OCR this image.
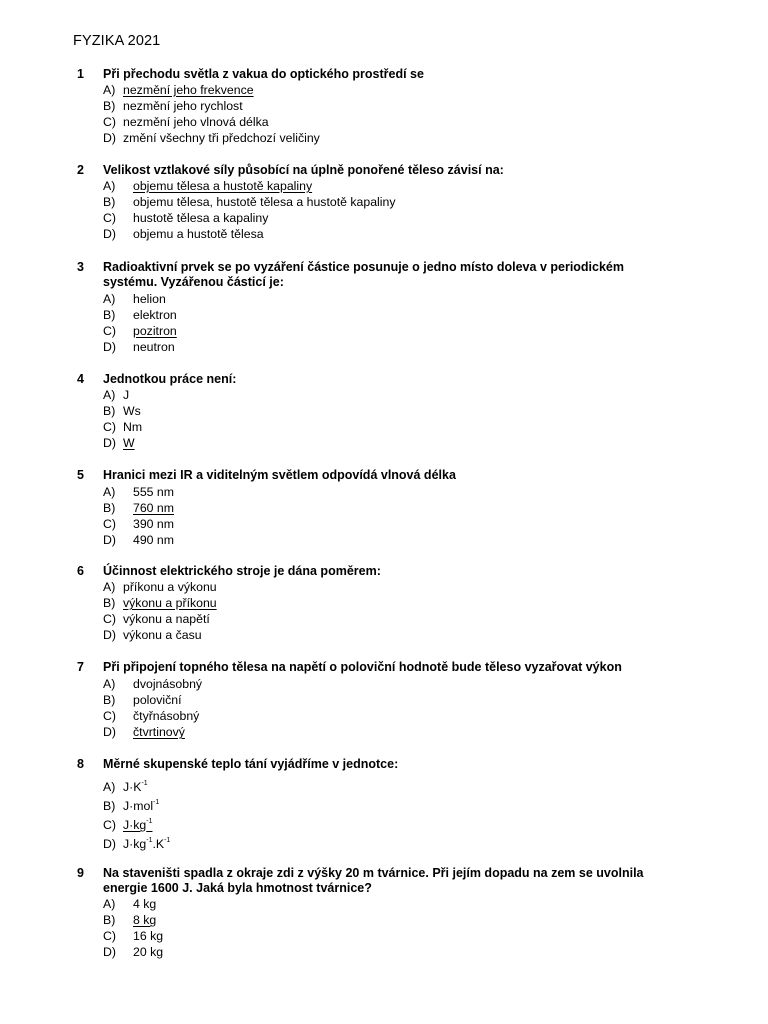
FYZIKA 2021
1 Při přechodu světla z vakua do optického prostředí se
A) nezmění jeho frekvence
B) nezmění jeho rychlost
C) nezmění jeho vlnová délka
D) změní všechny tři předchozí veličiny
2 Velikost vztlakové síly působící na úplně ponořené těleso závisí na:
A) objemu tělesa a hustotě kapaliny
B) objemu tělesa, hustotě tělesa a hustotě kapaliny
C) hustotě tělesa a kapaliny
D) objemu a hustotě tělesa
3 Radioaktivní prvek se po vyzáření částice posunuje o jedno místo doleva v periodickém
systému. Vyzářenou částicí je:
A) helion
B) elektron
C) pozitron
D) neutron
4 Jednotkou práce není:
A) J
B) Ws
C) Nm
D) W
5 Hranici mezi IR a viditelným světlem odpovídá vlnová délka
A) 555 nm
B) 760 nm
C) 390 nm
D) 490 nm
6 Účinnost elektrického stroje je dána poměrem:
A) příkonu a výkonu
B) výkonu a příkonu
C) výkonu a napětí
D) výkonu a času
7 Při připojení topného tělesa na napětí o poloviční hodnotě bude těleso vyzařovat výkon
A) dvojnásobný
B) poloviční
C) čtyřnásobný
D) čtvrtinový
8 Měrné skupenské teplo tání vyjádříme v jednotce:
A) $J\cdot K^{-1}$
B) J·mol$^{-1}$
C) $J\cdot kg^{-1}$
D) $J\cdot kg^{-1}.K^{-1}$
9 Na staveništi spadla z okraje zdi z výšky 20 m tvárnice. Při jejím dopadu na zem se uvolnila
energie 1600 J. Jaká byla hmotnost tvárnice?
A) 4 kg
B) 8 kg
C) 16 kg
D) 20 kg
